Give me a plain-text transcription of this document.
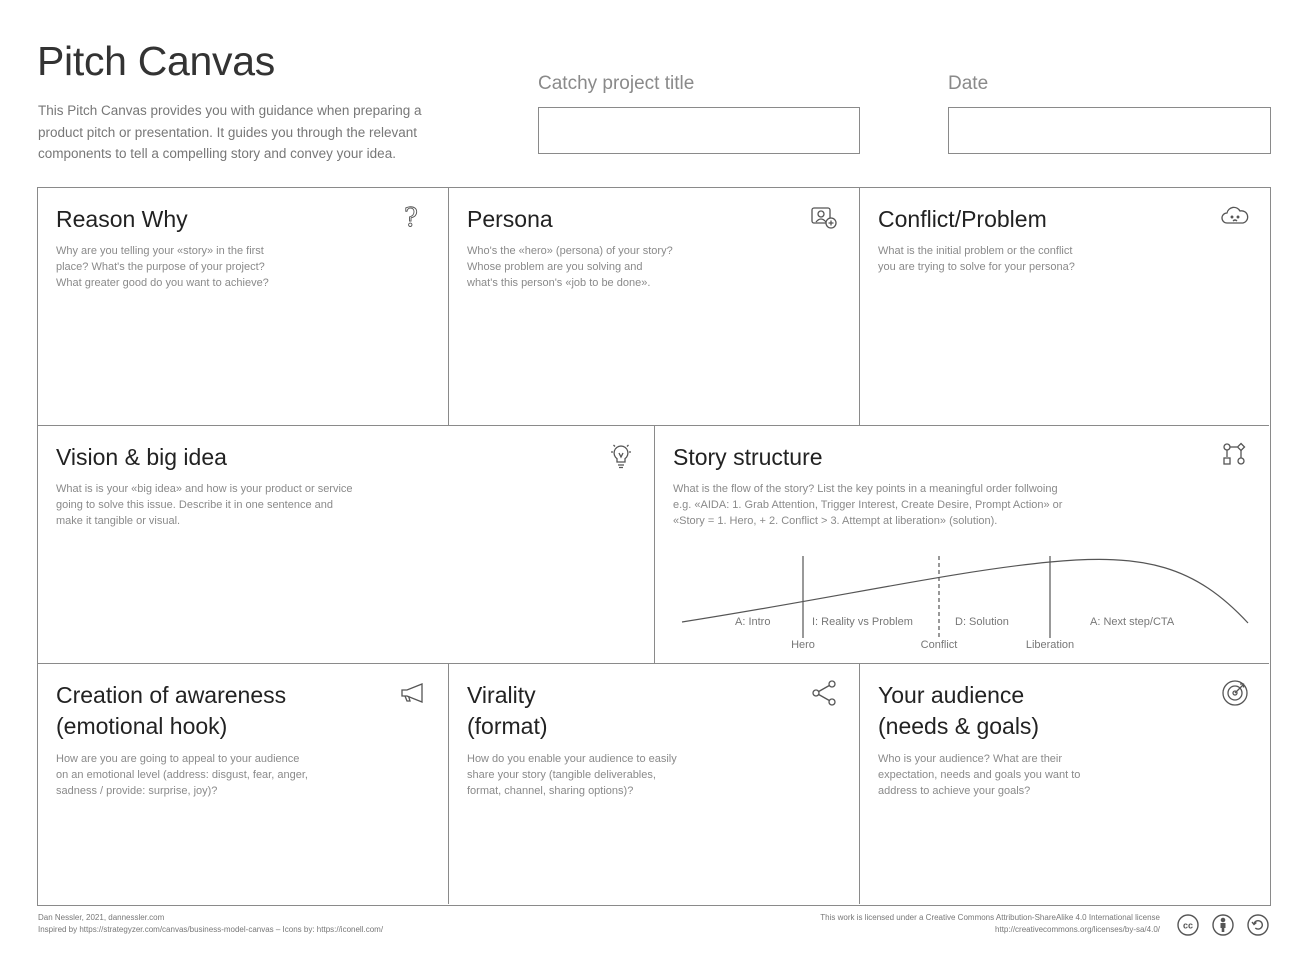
Pitch Canvas
This Pitch Canvas provides you with guidance when preparing a
product pitch or presentation. It guides you through the relevant
components to tell a compelling story and convey your idea.
Catchy project title	Date
Reason Why	?
Why are you telling your «story» in the first
place? What's the purpose of your project?
What greater good do you want to achieve?
Persona
Who's the «hero» (persona) of your story?
Whose problem are you solving and
what's this person's «job to be done».
Conflict/Problem
What is the initial problem or the conflict
you are trying to solve for your persona?
Vision & big idea
What is is your «big idea» and how is your product or service
going to solve this issue. Describe it in one sentence and
make it tangible or visual.
Story structure
What is the flow of the story? List the key points in a meaningful order follwoing
e.g. «AIDA: 1. Grab Attention, Trigger Interest, Create Desire, Prompt Action» or
«Story = 1. Hero, + 2. Conflict > 3. Attempt at liberation» (solution).
A: Intro	I: Reality vs Problem	D: Solution	A: Next step/CTA
Hero	Conflict	Liberation
Creation of awareness
(emotional hook)
How are you are going to appeal to your audience
on an emotional level (address: disgust, fear, anger,
sadness / provide: surprise, joy)?
Virality
(format)
How do you enable your audience to easily
share your story (tangible deliverables,
format, channel, sharing options)?
Your audience
(needs & goals)
Who is your audience? What are their
expectation, needs and goals you want to
address to achieve your goals?
Dan Nessler, 2021, dannessler.com
Inspired by https://strategyzer.com/canvas/business-model-canvas – Icons by: https://iconell.com/
This work is licensed under a Creative Commons Attribution-ShareAlike 4.0 International license
http://creativecommons.org/licenses/by-sa/4.0/	cc
